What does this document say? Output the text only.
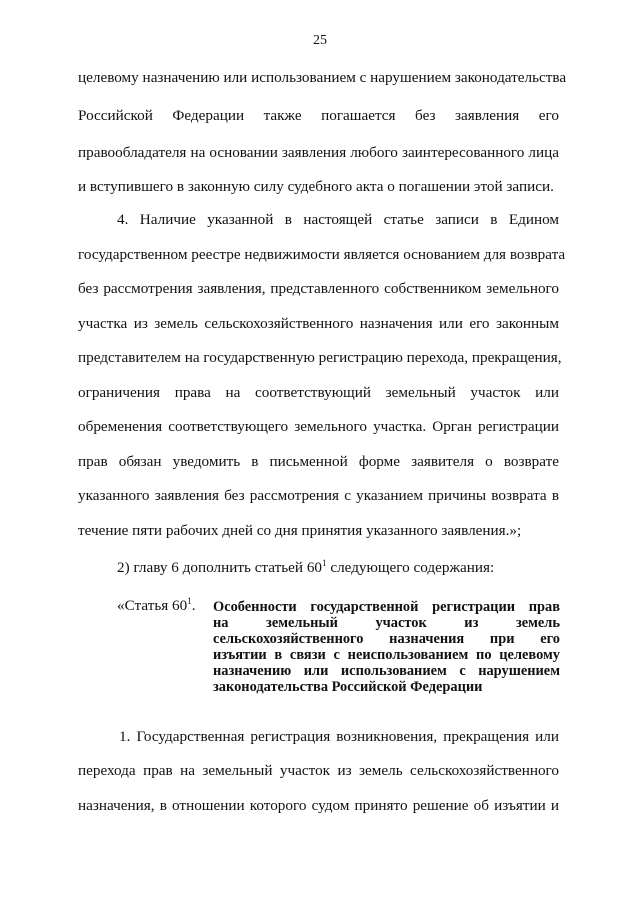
25
целевому назначению или использованием с нарушением законодательства
Российской Федерации также погашается без заявления его
правообладателя на основании заявления любого заинтересованного лица
и вступившего в законную силу судебного акта о погашении этой записи.
4. Наличие указанной в настоящей статье записи в Едином
государственном реестре недвижимости является основанием для возврата
без рассмотрения заявления, представленного собственником земельного
участка из земель сельскохозяйственного назначения или его законным
представителем на государственную регистрацию перехода, прекращения,
ограничения права на соответствующий земельный участок или
обременения соответствующего земельного участка. Орган регистрации
прав обязан уведомить в письменной форме заявителя о возврате
указанного заявления без рассмотрения с указанием причины возврата в
течение пяти рабочих дней со дня принятия указанного заявления.»;
2) главу 6 дополнить статьей $60^1$ следующего содержания:
«Статья $60^1$. Особенности государственной регистрации прав
на земельный участок из земель
сельскохозяйственного назначения при его
изъятии в связи с неиспользованием по целевому
назначению или использованием с нарушением
законодательства Российской Федерации
1. Государственная регистрация возникновения, прекращения или
перехода прав на земельный участок из земель сельскохозяйственного
назначения, в отношении которого судом принято решение об изъятии и
